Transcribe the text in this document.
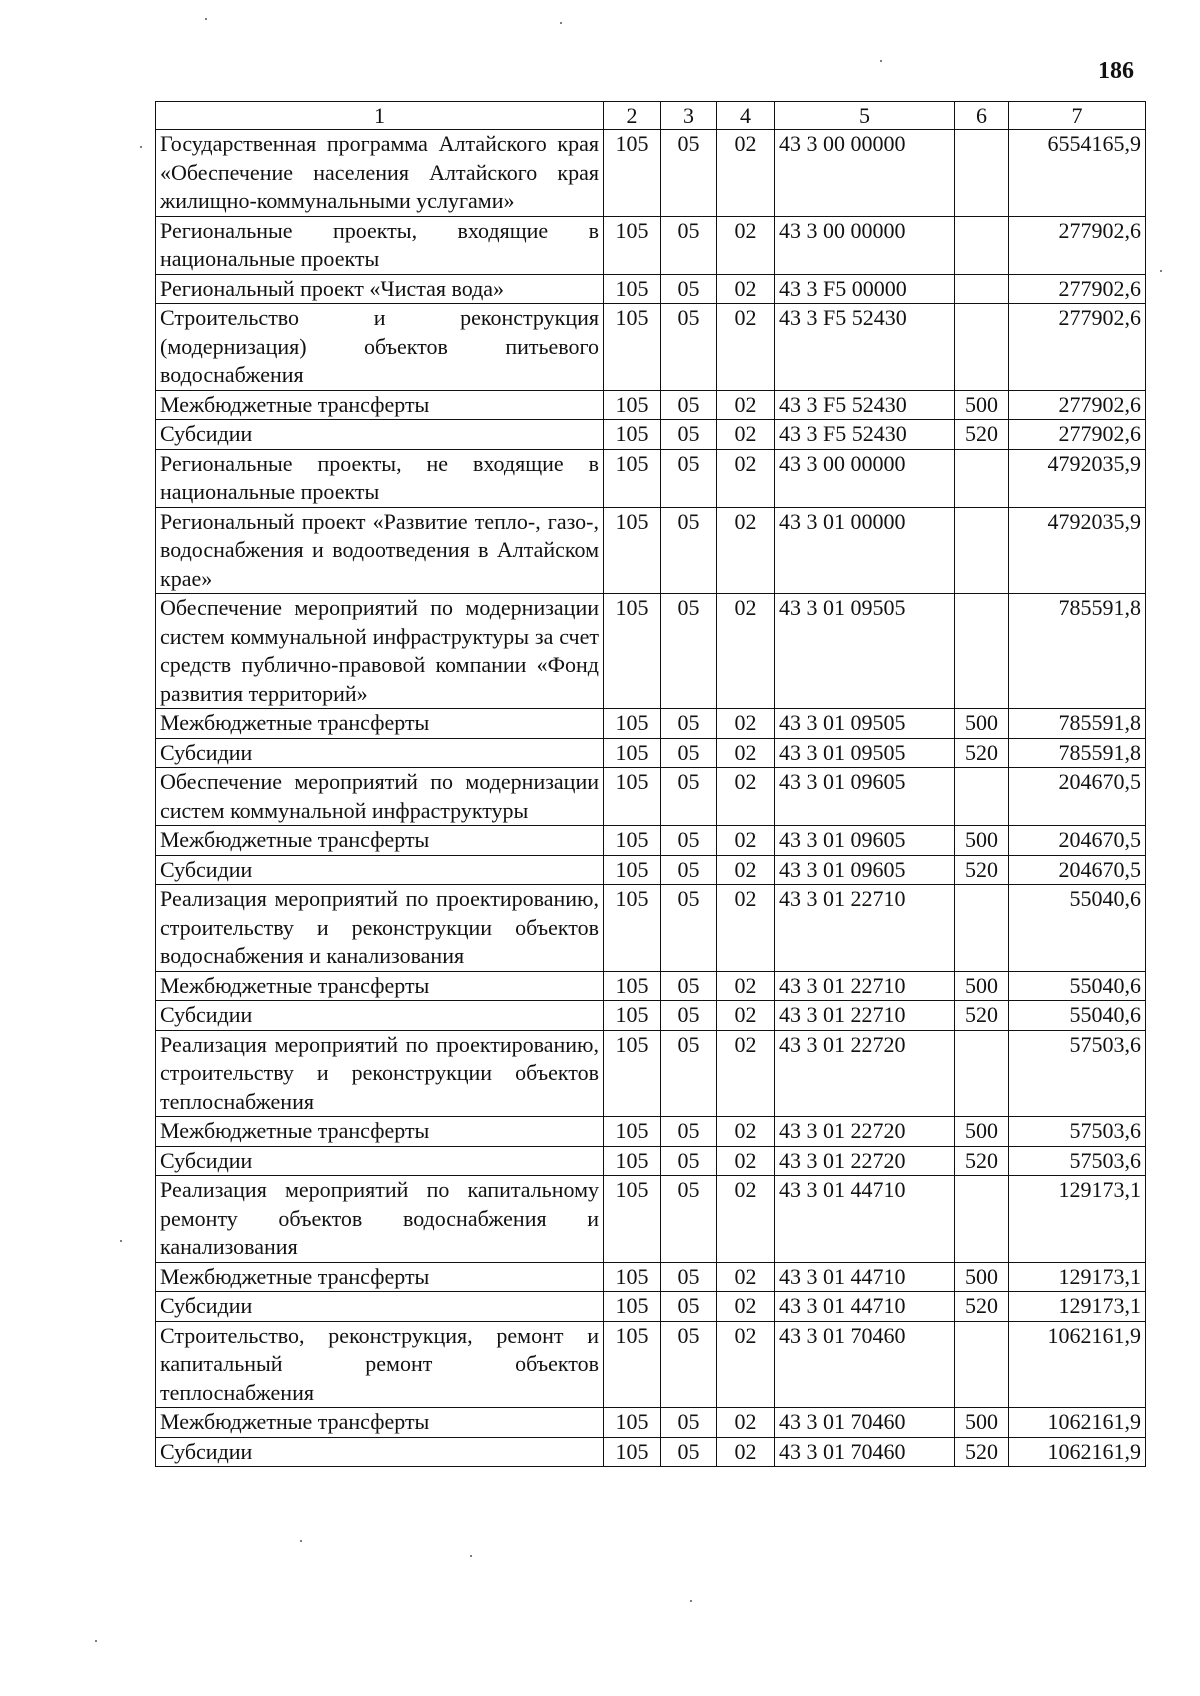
186
1	2	3	4	5	6	7
Государственная программа Алтайского края «Обеспечение населения Алтайского края жилищно-коммунальными услугами»	105	05	02	43 3 00 00000		6554165,9
Региональные проекты, входящие в национальные проекты	105	05	02	43 3 00 00000		277902,6
Региональный проект «Чистая вода»	105	05	02	43 3 F5 00000		277902,6
Строительство и реконструкция (модернизация) объектов питьевого водоснабжения	105	05	02	43 3 F5 52430		277902,6
Межбюджетные трансферты	105	05	02	43 3 F5 52430	500	277902,6
Субсидии	105	05	02	43 3 F5 52430	520	277902,6
Региональные проекты, не входящие в национальные проекты	105	05	02	43 3 00 00000		4792035,9
Региональный проект «Развитие тепло-, газо-, водоснабжения и водоотведения в Алтайском крае»	105	05	02	43 3 01 00000		4792035,9
Обеспечение мероприятий по модернизации систем коммунальной инфраструктуры за счет средств публично-правовой компании «Фонд развития территорий»	105	05	02	43 3 01 09505		785591,8
Межбюджетные трансферты	105	05	02	43 3 01 09505	500	785591,8
Субсидии	105	05	02	43 3 01 09505	520	785591,8
Обеспечение мероприятий по модернизации систем коммунальной инфраструктуры	105	05	02	43 3 01 09605		204670,5
Межбюджетные трансферты	105	05	02	43 3 01 09605	500	204670,5
Субсидии	105	05	02	43 3 01 09605	520	204670,5
Реализация мероприятий по проектированию, строительству и реконструкции объектов водоснабжения и канализования	105	05	02	43 3 01 22710		55040,6
Межбюджетные трансферты	105	05	02	43 3 01 22710	500	55040,6
Субсидии	105	05	02	43 3 01 22710	520	55040,6
Реализация мероприятий по проектированию, строительству и реконструкции объектов теплоснабжения	105	05	02	43 3 01 22720		57503,6
Межбюджетные трансферты	105	05	02	43 3 01 22720	500	57503,6
Субсидии	105	05	02	43 3 01 22720	520	57503,6
Реализация мероприятий по капитальному ремонту объектов водоснабжения и канализования	105	05	02	43 3 01 44710		129173,1
Межбюджетные трансферты	105	05	02	43 3 01 44710	500	129173,1
Субсидии	105	05	02	43 3 01 44710	520	129173,1
Строительство, реконструкция, ремонт и капитальный ремонт объектов теплоснабжения	105	05	02	43 3 01 70460		1062161,9
Межбюджетные трансферты	105	05	02	43 3 01 70460	500	1062161,9
Субсидии	105	05	02	43 3 01 70460	520	1062161,9
